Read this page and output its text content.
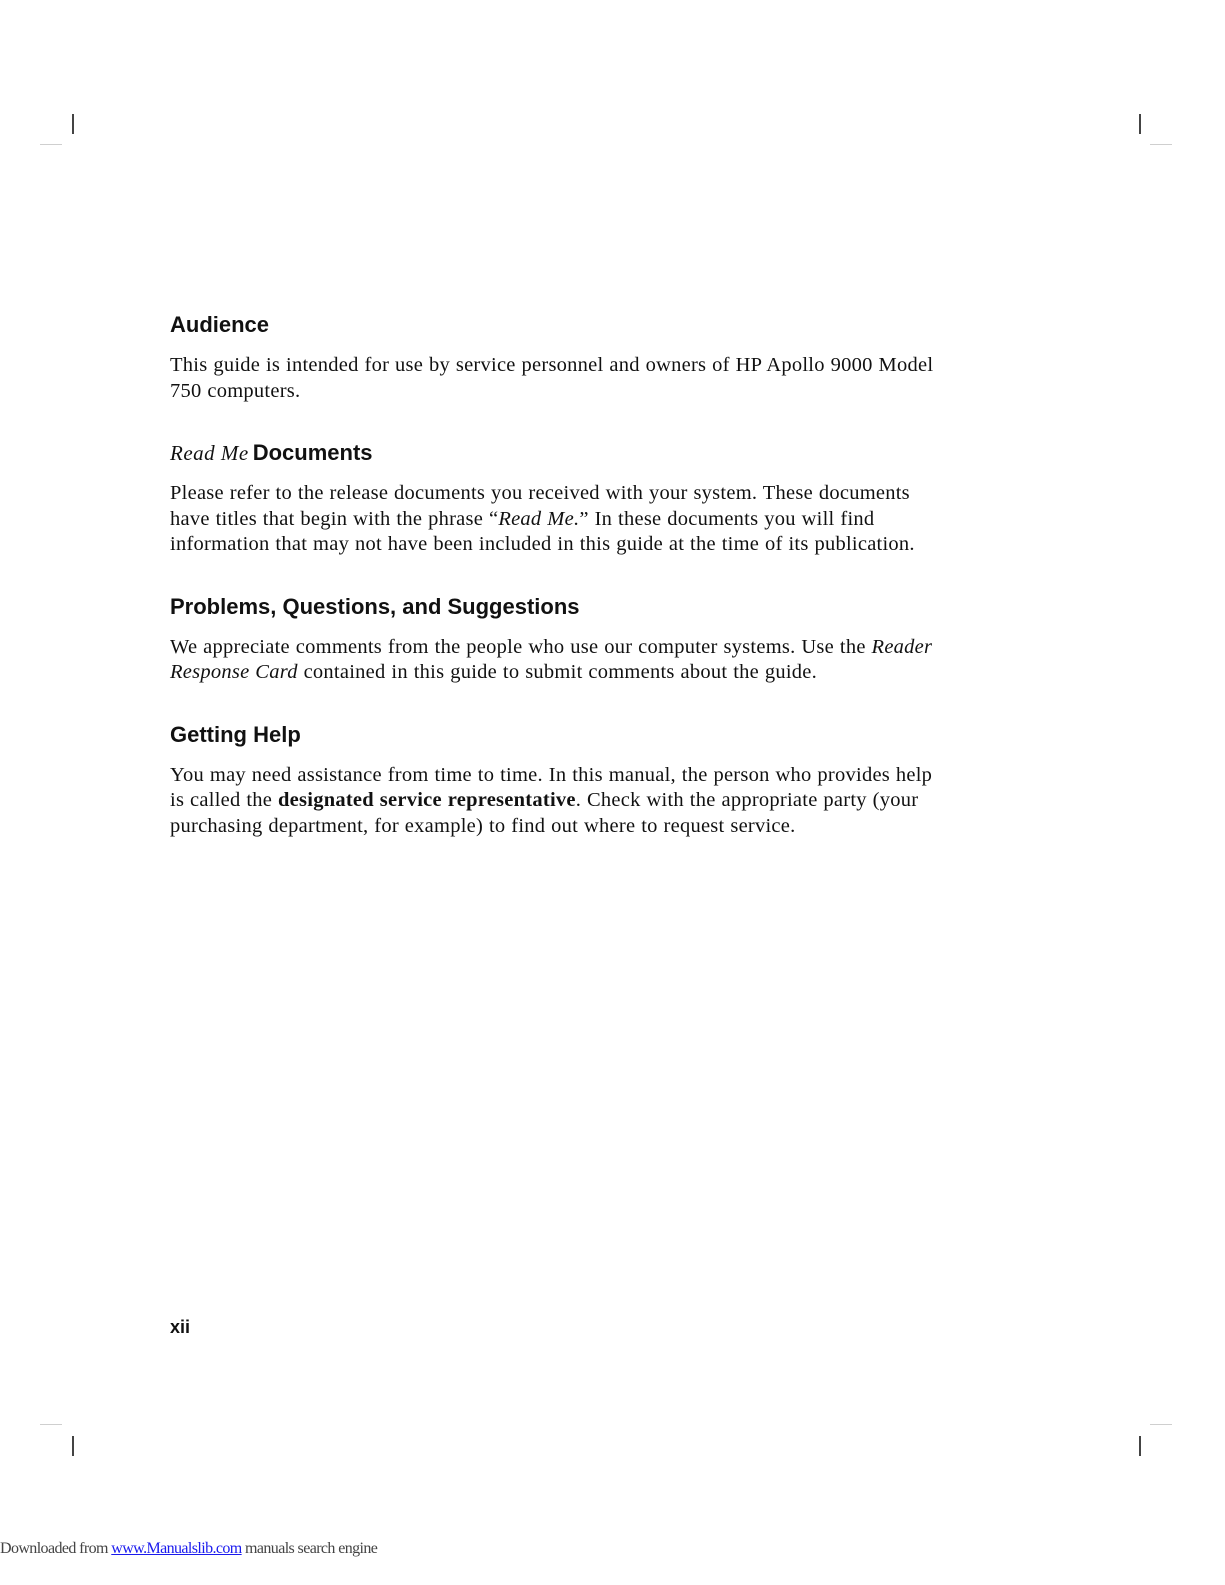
Audience

This guide is intended for use by service personnel and owners of HP Apollo 9000 Model 750 computers.

Read Me Documents

Please refer to the release documents you received with your system. These documents have titles that begin with the phrase “Read Me.” In these documents you will find information that may not have been included in this guide at the time of its publication.

Problems, Questions, and Suggestions

We appreciate comments from the people who use our computer systems. Use the Reader Response Card contained in this guide to submit comments about the guide.

Getting Help

You may need assistance from time to time. In this manual, the person who provides help is called the designated service representative. Check with the appropriate party (your purchasing department, for example) to find out where to request service.

xii
Downloaded from www.Manualslib.com manuals search engine
